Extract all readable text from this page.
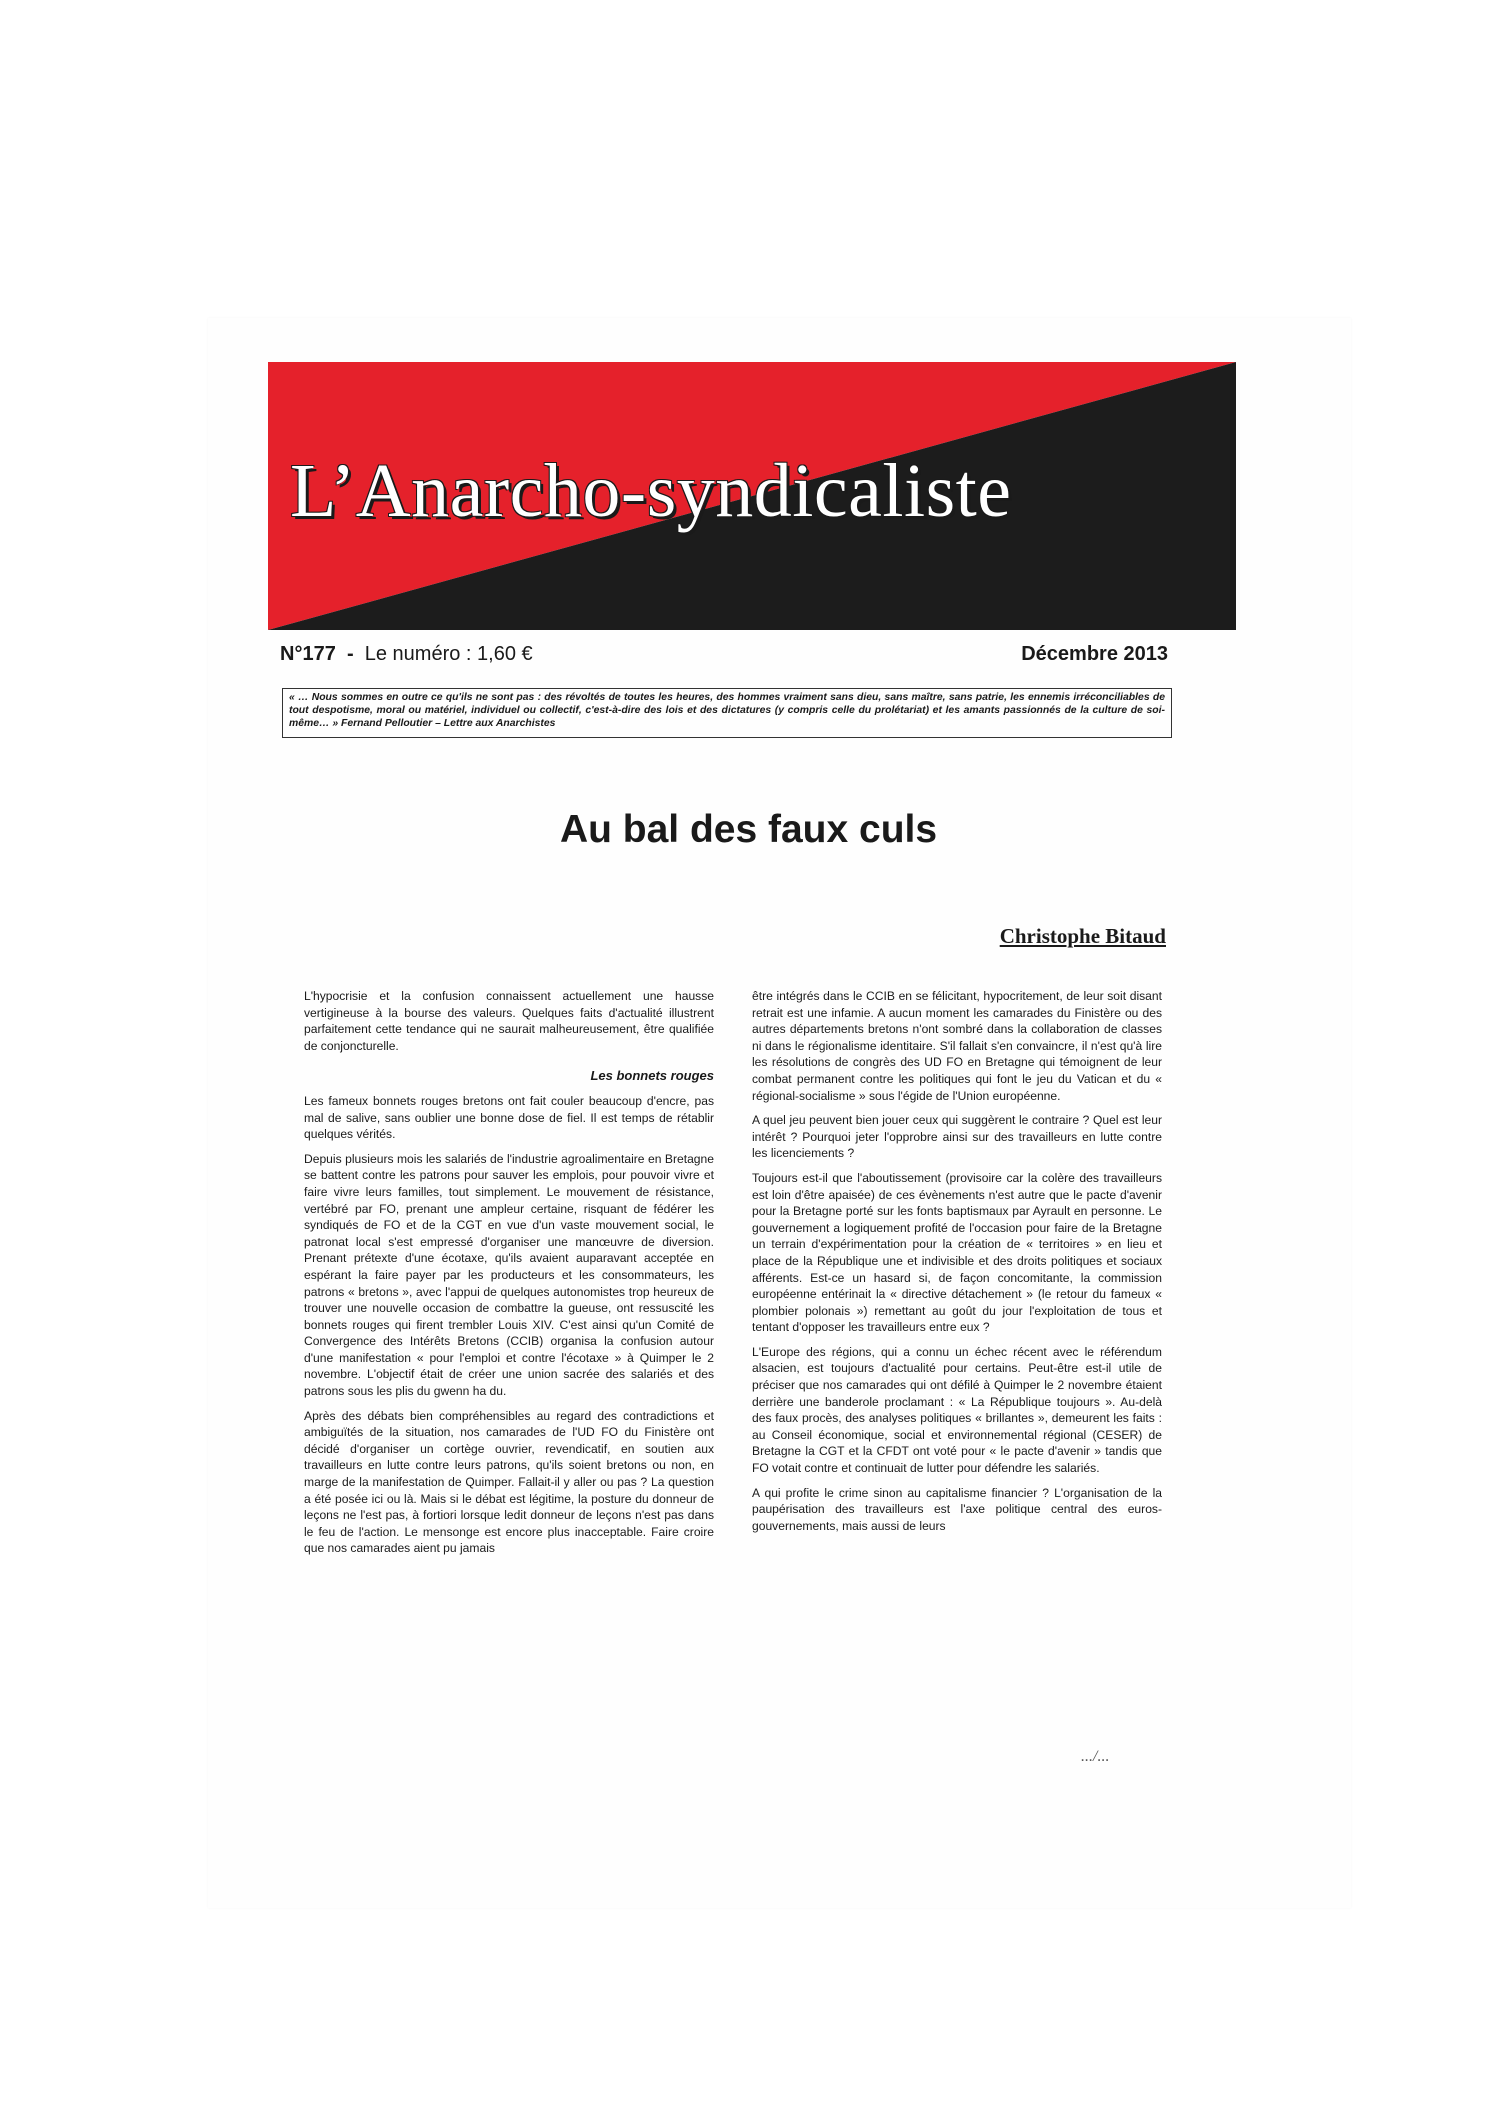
L’Anarcho-syndicaliste
N°177 - Le numéro : 1,60 €	Décembre 2013
« … Nous sommes en outre ce qu'ils ne sont pas : des révoltés de toutes les heures, des hommes vraiment sans dieu, sans maître, sans patrie, les ennemis irréconciliables de tout despotisme, moral ou matériel, individuel ou collectif, c'est-à-dire des lois et des dictatures (y compris celle du prolétariat) et les amants passionnés de la culture de soi-même… » Fernand Pelloutier – Lettre aux Anarchistes
Au bal des faux culs
Christophe Bitaud

L'hypocrisie et la confusion connaissent actuellement une hausse vertigineuse à la bourse des valeurs. Quelques faits d'actualité illustrent parfaitement cette tendance qui ne saurait malheureusement, être qualifiée de conjoncturelle.

Les bonnets rouges

Les fameux bonnets rouges bretons ont fait couler beaucoup d'encre, pas mal de salive, sans oublier une bonne dose de fiel. Il est temps de rétablir quelques vérités.

Depuis plusieurs mois les salariés de l'industrie agroalimentaire en Bretagne se battent contre les patrons pour sauver les emplois, pour pouvoir vivre et faire vivre leurs familles, tout simplement. Le mouvement de résistance, vertébré par FO, prenant une ampleur certaine, risquant de fédérer les syndiqués de FO et de la CGT en vue d'un vaste mouvement social, le patronat local s'est empressé d'organiser une manœuvre de diversion. Prenant prétexte d'une écotaxe, qu'ils avaient auparavant acceptée en espérant la faire payer par les producteurs et les consommateurs, les patrons « bretons », avec l'appui de quelques autonomistes trop heureux de trouver une nouvelle occasion de combattre la gueuse, ont ressuscité les bonnets rouges qui firent trembler Louis XIV. C'est ainsi qu'un Comité de Convergence des Intérêts Bretons (CCIB) organisa la confusion autour d'une manifestation « pour l'emploi et contre l'écotaxe » à Quimper le 2 novembre. L'objectif était de créer une union sacrée des salariés et des patrons sous les plis du gwenn ha du.

Après des débats bien compréhensibles au regard des contradictions et ambiguïtés de la situation, nos camarades de l'UD FO du Finistère ont décidé d'organiser un cortège ouvrier, revendicatif, en soutien aux travailleurs en lutte contre leurs patrons, qu'ils soient bretons ou non, en marge de la manifestation de Quimper. Fallait-il y aller ou pas ? La question a été posée ici ou là. Mais si le débat est légitime, la posture du donneur de leçons ne l'est pas, à fortiori lorsque ledit donneur de leçons n'est pas dans le feu de l'action. Le mensonge est encore plus inacceptable. Faire croire que nos camarades aient pu jamais

être intégrés dans le CCIB en se félicitant, hypocritement, de leur soit disant retrait est une infamie. A aucun moment les camarades du Finistère ou des autres départements bretons n'ont sombré dans la collaboration de classes ni dans le régionalisme identitaire. S'il fallait s'en convaincre, il n'est qu'à lire les résolutions de congrès des UD FO en Bretagne qui témoignent de leur combat permanent contre les politiques qui font le jeu du Vatican et du « régional-socialisme » sous l'égide de l'Union européenne.

A quel jeu peuvent bien jouer ceux qui suggèrent le contraire ? Quel est leur intérêt ? Pourquoi jeter l'opprobre ainsi sur des travailleurs en lutte contre les licenciements ?

Toujours est-il que l'aboutissement (provisoire car la colère des travailleurs est loin d'être apaisée) de ces évènements n'est autre que le pacte d'avenir pour la Bretagne porté sur les fonts baptismaux par Ayrault en personne. Le gouvernement a logiquement profité de l'occasion pour faire de la Bretagne un terrain d'expérimentation pour la création de « territoires » en lieu et place de la République une et indivisible et des droits politiques et sociaux afférents. Est-ce un hasard si, de façon concomitante, la commission européenne entérinait la « directive détachement » (le retour du fameux « plombier polonais ») remettant au goût du jour l'exploitation de tous et tentant d'opposer les travailleurs entre eux ?

L'Europe des régions, qui a connu un échec récent avec le référendum alsacien, est toujours d'actualité pour certains. Peut-être est-il utile de préciser que nos camarades qui ont défilé à Quimper le 2 novembre étaient derrière une banderole proclamant : « La République toujours ». Au-delà des faux procès, des analyses politiques « brillantes », demeurent les faits : au Conseil économique, social et environnemental régional (CESER) de Bretagne la CGT et la CFDT ont voté pour « le pacte d'avenir » tandis que FO votait contre et continuait de lutter pour défendre les salariés.

A qui profite le crime sinon au capitalisme financier ? L'organisation de la paupérisation des travailleurs est l'axe politique central des euros-gouvernements, mais aussi de leurs

.../...
